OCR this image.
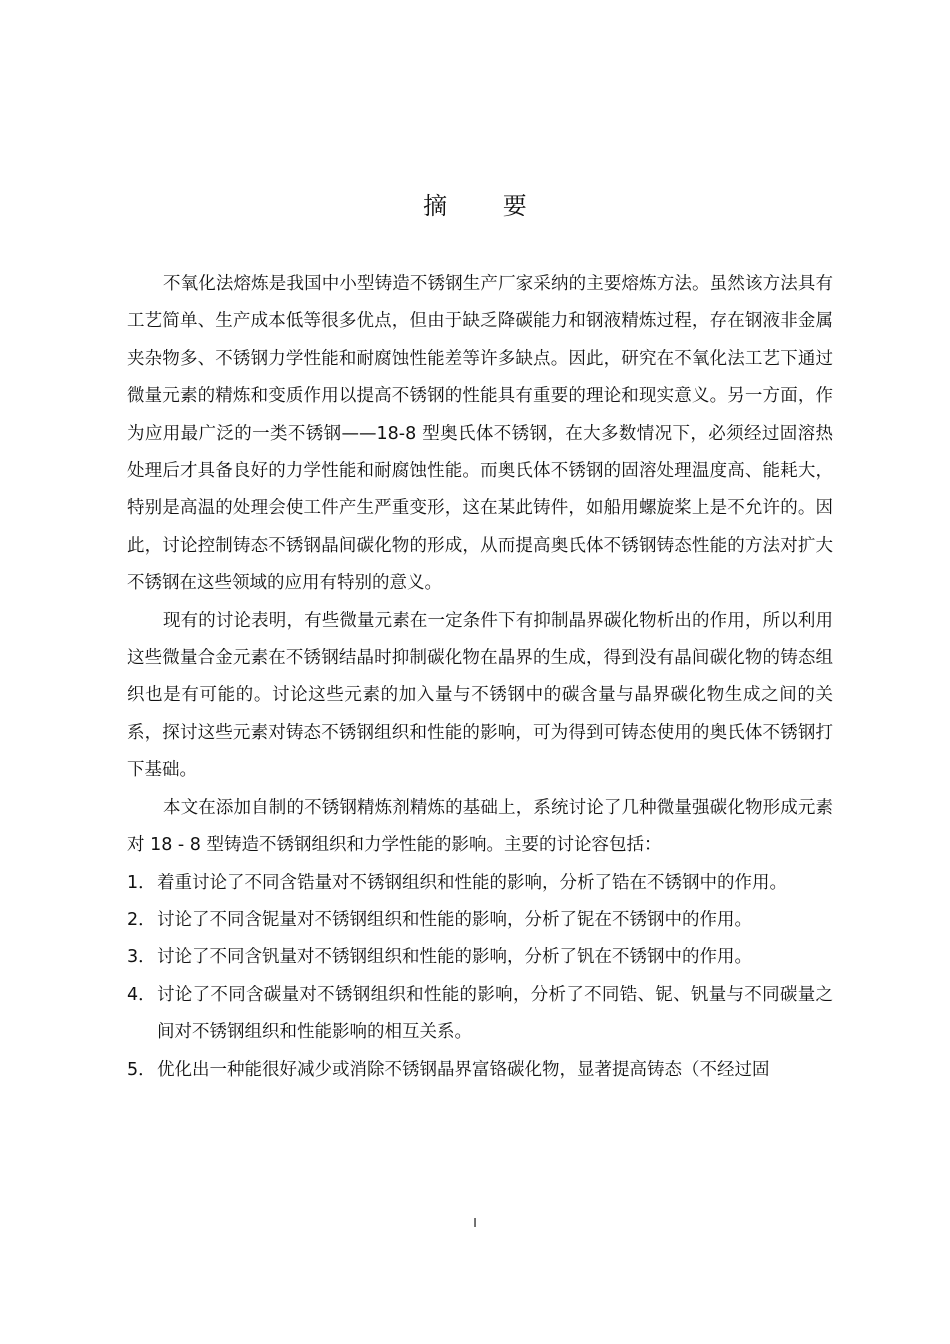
摘 要

不氧化法熔炼是我国中小型铸造不锈钢生产厂家采纳的主要熔炼方法。虽然该方法具有工艺简单、生产成本低等很多优点，但由于缺乏降碳能力和钢液精炼过程，存在钢液非金属夹杂物多、不锈钢力学性能和耐腐蚀性能差等许多缺点。因此，研究在不氧化法工艺下通过微量元素的精炼和变质作用以提高不锈钢的性能具有重要的理论和现实意义。另一方面，作为应用最广泛的一类不锈钢——18-8 型奥氏体不锈钢，在大多数情况下，必须经过固溶热处理后才具备良好的力学性能和耐腐蚀性能。而奥氏体不锈钢的固溶处理温度高、能耗大，特别是高温的处理会使工件产生严重变形，这在某此铸件，如船用螺旋桨上是不允许的。因此，讨论控制铸态不锈钢晶间碳化物的形成，从而提高奥氏体不锈钢铸态性能的方法对扩大不锈钢在这些领域的应用有特别的意义。

现有的讨论表明，有些微量元素在一定条件下有抑制晶界碳化物析出的作用，所以利用这些微量合金元素在不锈钢结晶时抑制碳化物在晶界的生成，得到没有晶间碳化物的铸态组织也是有可能的。讨论这些元素的加入量与不锈钢中的碳含量与晶界碳化物生成之间的关系，探讨这些元素对铸态不锈钢组织和性能的影响，可为得到可铸态使用的奥氏体不锈钢打下基础。

本文在添加自制的不锈钢精炼剂精炼的基础上，系统讨论了几种微量强碳化物形成元素对 18 - 8 型铸造不锈钢组织和力学性能的影响。主要的讨论容包括：

1． 着重讨论了不同含锆量对不锈钢组织和性能的影响，分析了锆在不锈钢中的作用。
2． 讨论了不同含铌量对不锈钢组织和性能的影响，分析了铌在不锈钢中的作用。
3． 讨论了不同含钒量对不锈钢组织和性能的影响，分析了钒在不锈钢中的作用。
4． 讨论了不同含碳量对不锈钢组织和性能的影响，分析了不同锆、铌、钒量与不同碳量之间对不锈钢组织和性能影响的相互关系。
5． 优化出一种能很好减少或消除不锈钢晶界富铬碳化物，显著提高铸态（不经过固
I
